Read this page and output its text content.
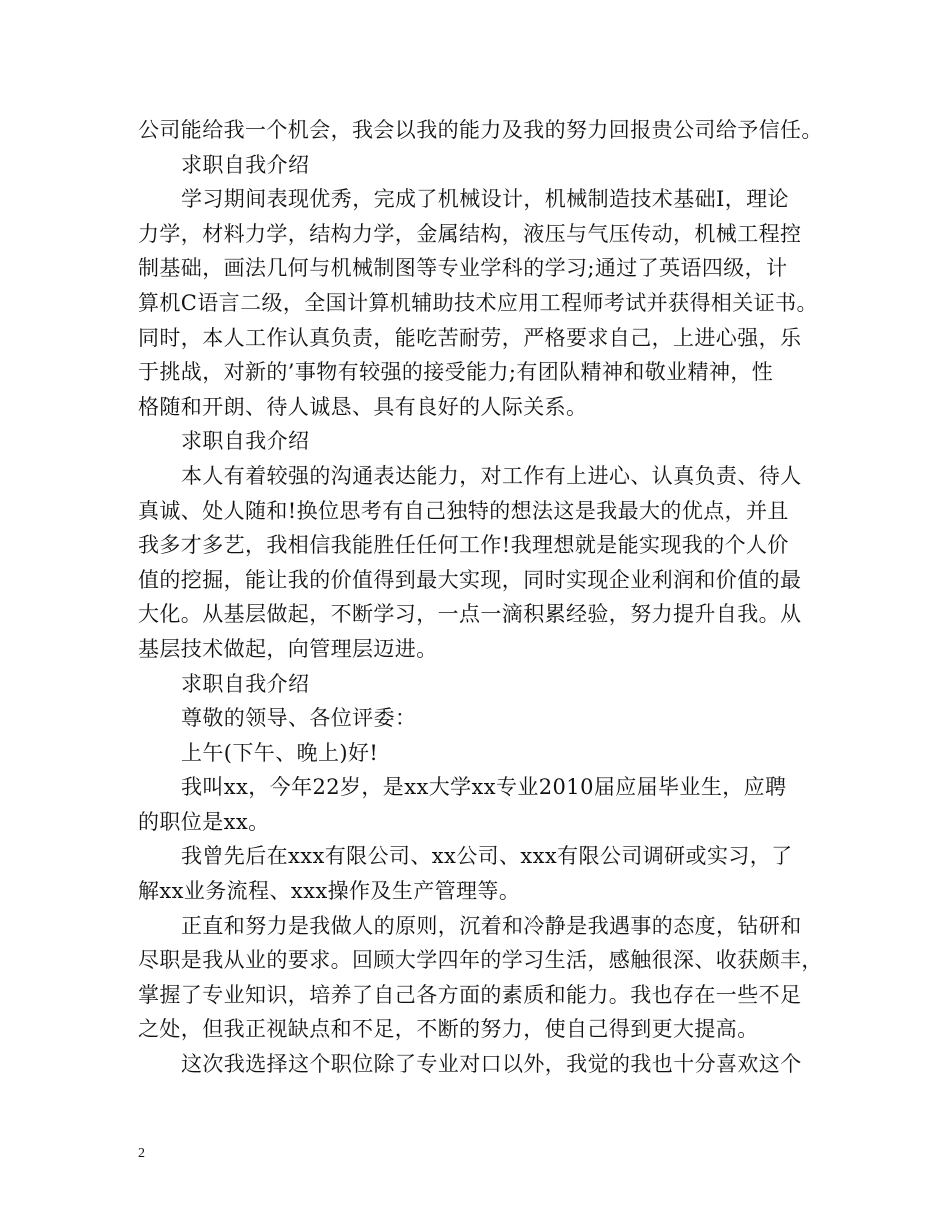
公司能给我一个机会，我会以我的能力及我的努力回报贵公司给予信任。
求职自我介绍
学习期间表现优秀，完成了机械设计，机械制造技术基础Ⅰ，理论
力学，材料力学，结构力学，金属结构，液压与气压传动，机械工程控
制基础，画法几何与机械制图等专业学科的学习;通过了英语四级，计
算机C语言二级，全国计算机辅助技术应用工程师考试并获得相关证书。
同时，本人工作认真负责，能吃苦耐劳，严格要求自己，上进心强，乐
于挑战，对新的’事物有较强的接受能力;有团队精神和敬业精神，性
格随和开朗、待人诚恳、具有良好的人际关系。
求职自我介绍
本人有着较强的沟通表达能力，对工作有上进心、认真负责、待人
真诚、处人随和!换位思考有自己独特的想法这是我最大的优点，并且
我多才多艺，我相信我能胜任任何工作!我理想就是能实现我的个人价
值的挖掘，能让我的价值得到最大实现，同时实现企业利润和价值的最
大化。从基层做起，不断学习，一点一滴积累经验，努力提升自我。从
基层技术做起，向管理层迈进。
求职自我介绍
尊敬的领导、各位评委：
上午(下午、晚上)好!
我叫xx，今年22岁，是xx大学xx专业2010届应届毕业生，应聘
的职位是xx。
我曾先后在xxx有限公司、xx公司、xxx有限公司调研或实习，了
解xx业务流程、xxx操作及生产管理等。
正直和努力是我做人的原则，沉着和冷静是我遇事的态度，钻研和
尽职是我从业的要求。回顾大学四年的学习生活，感触很深、收获颇丰，
掌握了专业知识，培养了自己各方面的素质和能力。我也存在一些不足
之处，但我正视缺点和不足，不断的努力，使自己得到更大提高。
这次我选择这个职位除了专业对口以外，我觉的我也十分喜欢这个
2
